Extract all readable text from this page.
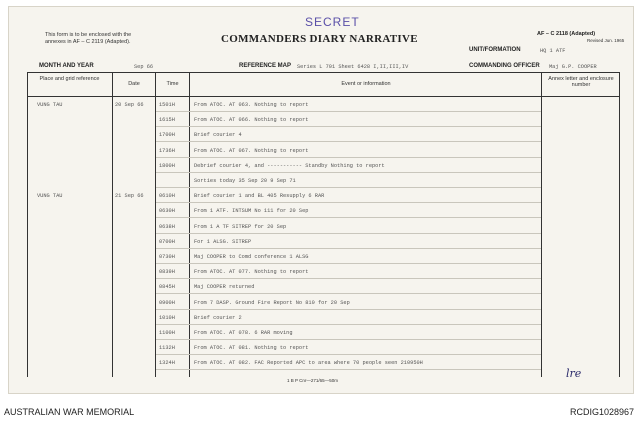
This form is to be enclosed with the annexes in AF – C 2119 (Adapted).
SECRET
COMMANDERS DIARY NARRATIVE	AF – C 2118 (Adapted)
Revised Jun. 1965
UNIT/FORMATION	HQ 1 ATF
MONTH AND YEAR	Sep 66	REFERENCE MAP Series L 701 Sheet 6428 I,II,III,IV	COMMANDING OFFICER Maj G.P. COOPER
Place and grid reference
Date	Time	Event or information
Annex letter and enclosure number
VUNG TAU	20 Sep 66	1501H	From ATOC. AT 063. Nothing to report
1615H	From ATOC. AT 066. Nothing to report
1700H	Brief courier 4
1736H	From ATOC. AT 067. Nothing to report
1800H	Debrief courier 4, and ----------- Standby Nothing to report
Sorties today 35 Sep 20 9 Sep 71
VUNG TAU	21 Sep 66	0610H	Brief courier 1 and BL 405 Resupply 6 RAR
0630H	From 1 ATF. INTSUM No 111 for 20 Sep
0638H	From 1 A TF SITREP for 20 Sep
0700H	For 1 ALSG. SITREP
0730H	Maj COOPER to Comd conference 1 ALSG
0839H	From ATOC. AT 077. Nothing to report
0845H	Maj COOPER returned
0900H	From 7 DASP. Ground Fire Report No 810 for 20 Sep
1010H	Brief courier 2
1100H	From ATOC. AT 078. 6 RAR moving
1132H	From ATOC. AT 081. Nothing to report
1324H	From ATOC. AT 082. FAC Reported APC to area where 70 people seen 210950H
1 B P Cnr—271/65—50m
lre
AUSTRALIAN WAR MEMORIAL	RCDIG1028967
